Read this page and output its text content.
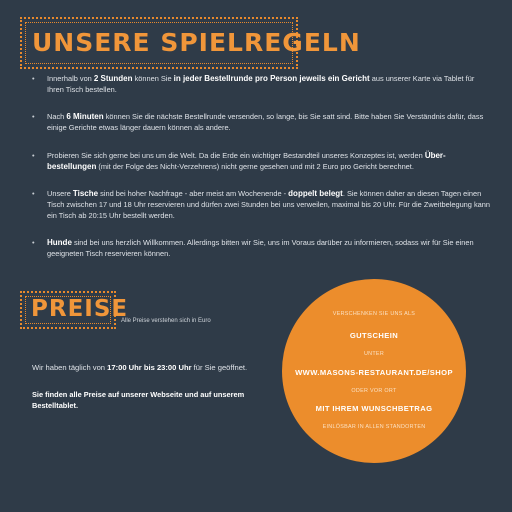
UNSERE SPIELREGELN
• Innerhalb von 2 Stunden können Sie in jeder Bestellrunde pro Person jeweils ein Gericht aus unserer Karte via Tablet für Ihren Tisch bestellen.
• Nach 6 Minuten können Sie die nächste Bestellrunde versenden, so lange, bis Sie satt sind. Bitte haben Sie Verständnis dafür, dass einige Gerichte etwas länger dauern können als andere.
• Probieren Sie sich gerne bei uns um die Welt. Da die Erde ein wichtiger Bestandteil unseres Konzeptes ist, werden Über-bestellungen (mit der Folge des Nicht-Verzehrens) nicht gerne gesehen und mit 2 Euro pro Gericht berechnet.
• Unsere Tische sind bei hoher Nachfrage - aber meist am Wochenende - doppelt belegt. Sie können daher an diesen Tagen einen Tisch zwischen 17 und 18 Uhr reservieren und dürfen zwei Stunden bei uns verweilen, maximal bis 20 Uhr. Für die Zweitbelegung kann ein Tisch ab 20:15 Uhr bestellt werden.
• Hunde sind bei uns herzlich Willkommen. Allerdings bitten wir Sie, uns im Voraus darüber zu informieren, sodass wir für Sie einen geeigneten Tisch reservieren können.
PREISE
Alle Preise verstehen sich in Euro
Wir haben täglich von 17:00 Uhr bis 23:00 Uhr für Sie geöffnet.
Sie finden alle Preise auf unserer Webseite und auf unserem Bestelltablet.
VERSCHENKEN SIE UNS ALS
GUTSCHEIN
UNTER
WWW.MASONS-RESTAURANT.DE/SHOP
ODER VOR ORT
MIT IHREM WUNSCHBETRAG
EINLÖSBAR IN ALLEN STANDORTEN
